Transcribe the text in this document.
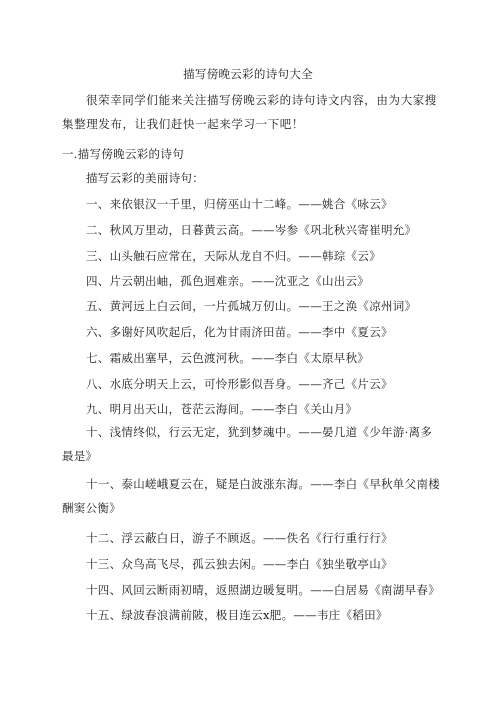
描写傍晚云彩的诗句大全
很荣幸同学们能来关注描写傍晚云彩的诗句诗文内容，由为大家搜集整理发布，让我们赶快一起来学习一下吧！
一.描写傍晚云彩的诗句
描写云彩的美丽诗句：
一、来依银汉一千里，归傍巫山十二峰。——姚合《咏云》
二、秋风万里动，日暮黄云高。——岑参《巩北秋兴寄崔明允》
三、山头触石应常在，天际从龙自不归。——韩琮《云》
四、片云朝出岫，孤色迥难亲。——沈亚之《山出云》
五、黄河远上白云间，一片孤城万仞山。——王之涣《凉州词》
六、多谢好风吹起后，化为甘雨济田苗。——李中《夏云》
七、霜威出塞早，云色渡河秋。——李白《太原早秋》
八、水底分明天上云，可怜形影似吾身。——齐己《片云》
九、明月出天山，苍茫云海间。——李白《关山月》
十、浅情终似，行云无定，犹到梦魂中。——晏几道《少年游·离多最是》
十一、泰山嵯峨夏云在，疑是白波涨东海。——李白《早秋单父南楼酬窦公衡》
十二、浮云蔽白日，游子不顾返。——佚名《行行重行行》
十三、众鸟高飞尽，孤云独去闲。——李白《独坐敬亭山》
十四、风回云断雨初晴，返照湖边暖复明。——白居易《南湖早春》
十五、绿波春浪满前陂，极目连云x肥。——韦庄《稻田》
